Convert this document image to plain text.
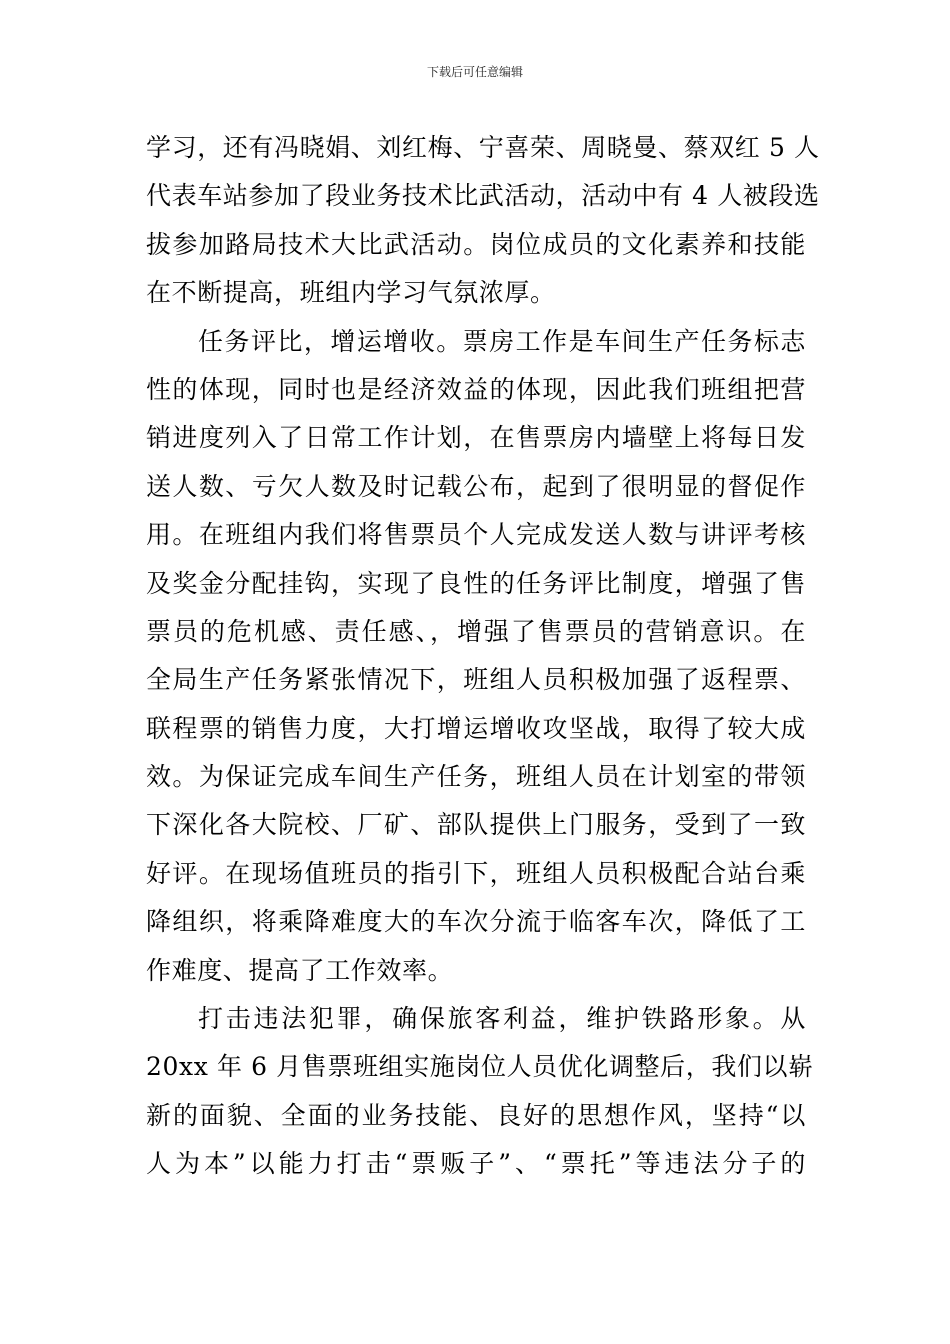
下载后可任意编辑
学习，还有冯晓娟、刘红梅、宁喜荣、周晓曼、蔡双红 5 人
代表车站参加了段业务技术比武活动，活动中有 4 人被段选
拔参加路局技术大比武活动。岗位成员的文化素养和技能
在不断提高，班组内学习气氛浓厚。
任务评比，增运增收。票房工作是车间生产任务标志
性的体现，同时也是经济效益的体现，因此我们班组把营
销进度列入了日常工作计划，在售票房内墙壁上将每日发
送人数、亏欠人数及时记载公布，起到了很明显的督促作
用。在班组内我们将售票员个人完成发送人数与讲评考核
及奖金分配挂钩，实现了良性的任务评比制度，增强了售
票员的危机感、责任感、，增强了售票员的营销意识。在
全局生产任务紧张情况下，班组人员积极加强了返程票、
联程票的销售力度，大打增运增收攻坚战，取得了较大成
效。为保证完成车间生产任务，班组人员在计划室的带领
下深化各大院校、厂矿、部队提供上门服务，受到了一致
好评。在现场值班员的指引下，班组人员积极配合站台乘
降组织，将乘降难度大的车次分流于临客车次，降低了工
作难度、提高了工作效率。
打击违法犯罪，确保旅客利益，维护铁路形象。从
20xx 年 6 月售票班组实施岗位人员优化调整后，我们以崭
新的面貌、全面的业务技能、良好的思想作风，坚持“以
人为本”以能力打击“票贩子”、“票托”等违法分子的
